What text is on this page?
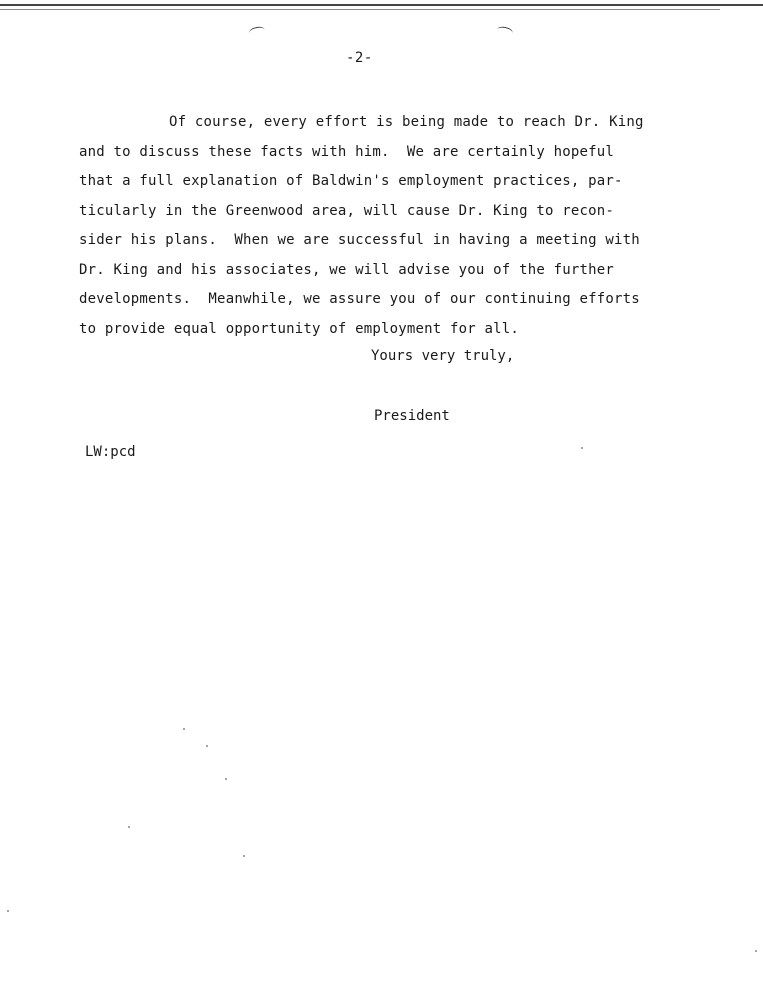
-2-
Of course, every effort is being made to reach Dr. King
and to discuss these facts with him.  We are certainly hopeful
that a full explanation of Baldwin's employment practices, par-
ticularly in the Greenwood area, will cause Dr. King to recon-
sider his plans.  When we are successful in having a meeting with
Dr. King and his associates, we will advise you of the further
developments.  Meanwhile, we assure you of our continuing efforts
to provide equal opportunity of employment for all.
Yours very truly,
President
LW:pcd
